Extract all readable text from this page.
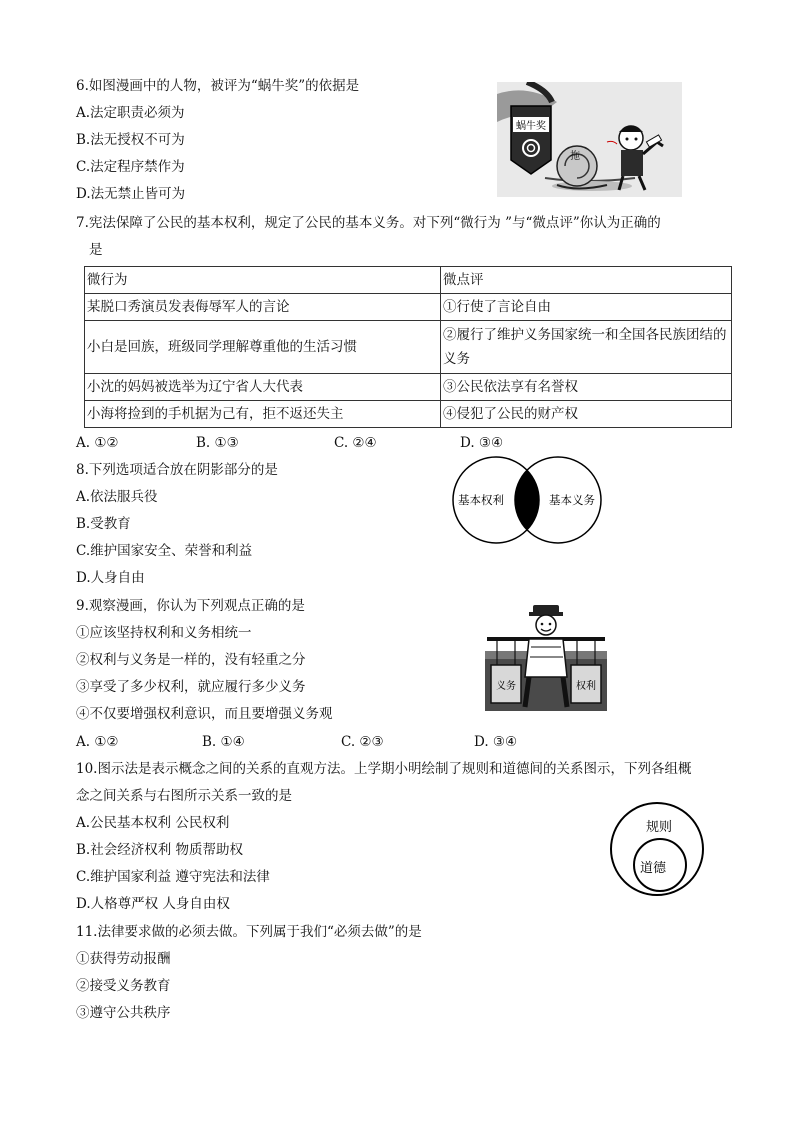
6.如图漫画中的人物，被评为“蜗牛奖”的依据是
A.法定职责必须为
B.法无授权不可为
C.法定程序禁作为
D.法无禁止皆可为
蜗牛奖
拖
7.宪法保障了公民的基本权利，规定了公民的基本义务。对下列“微行为 ”与“微点评”你认为正确的
是
微行为	微点评
某脱口秀演员发表侮辱军人的言论	①行使了言论自由
小白是回族，班级同学理解尊重他的生活习惯	②履行了维护义务国家统一和全国各民族团结的义务
小沈的妈妈被选举为辽宁省人大代表	③公民依法享有名誉权
小海将捡到的手机据为己有，拒不返还失主	④侵犯了公民的财产权
A. ①②	B. ①③	C. ②④	D. ③④
8.下列选项适合放在阴影部分的是
A.依法服兵役
B.受教育
C.维护国家安全、荣誉和利益
D.人身自由
基本权利	基本义务
9.观察漫画，你认为下列观点正确的是
①应该坚持权利和义务相统一
②权利与义务是一样的，没有轻重之分
③享受了多少权利，就应履行多少义务
④不仅要增强权利意识，而且要增强义务观
A. ①②	B. ①④	C. ②③	D. ③④
义务	权利
10.图示法是表示概念之间的关系的直观方法。上学期小明绘制了规则和道德间的关系图示，下列各组概
念之间关系与右图所示关系一致的是
A.公民基本权利 公民权利
B.社会经济权利 物质帮助权
C.维护国家利益 遵守宪法和法律
D.人格尊严权 人身自由权
规则
道德
11.法律要求做的必须去做。下列属于我们“必须去做”的是
①获得劳动报酬
②接受义务教育
③遵守公共秩序
